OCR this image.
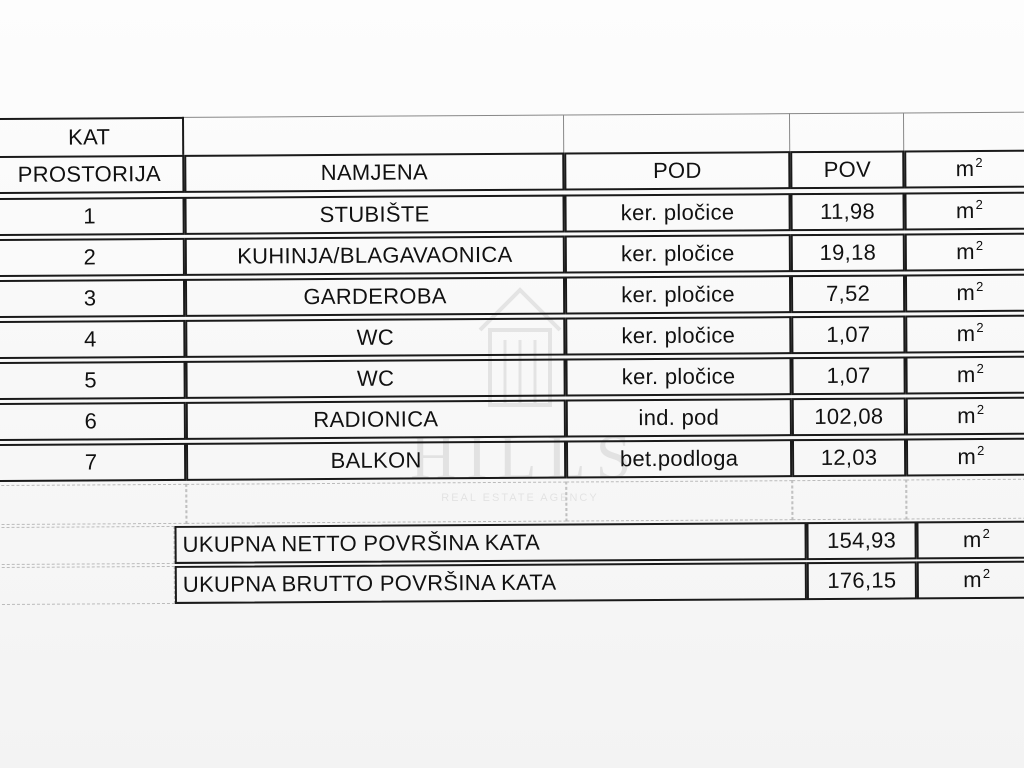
HILLS
REAL ESTATE AGENCY
KAT
PROSTORIJA	NAMJENA	POD	POV	$m^2$
1	STUBIŠTE	ker. pločice	11,98	$m^2$
2	KUHINJA/BLAGAVAONICA	ker. pločice	19,18	$m^2$
3	GARDEROBA	ker. pločice	7,52	$m^2$
4	WC	ker. pločice	1,07	$m^2$
5	WC	ker. pločice	1,07	$m^2$
6	RADIONICA	ind. pod	102,08	$m^2$
7	BALKON	bet.podloga	12,03	$m^2$
UKUPNA NETTO POVRŠINA KATA	154,93	$m^2$
UKUPNA BRUTTO POVRŠINA KATA	176,15	$m^2$
